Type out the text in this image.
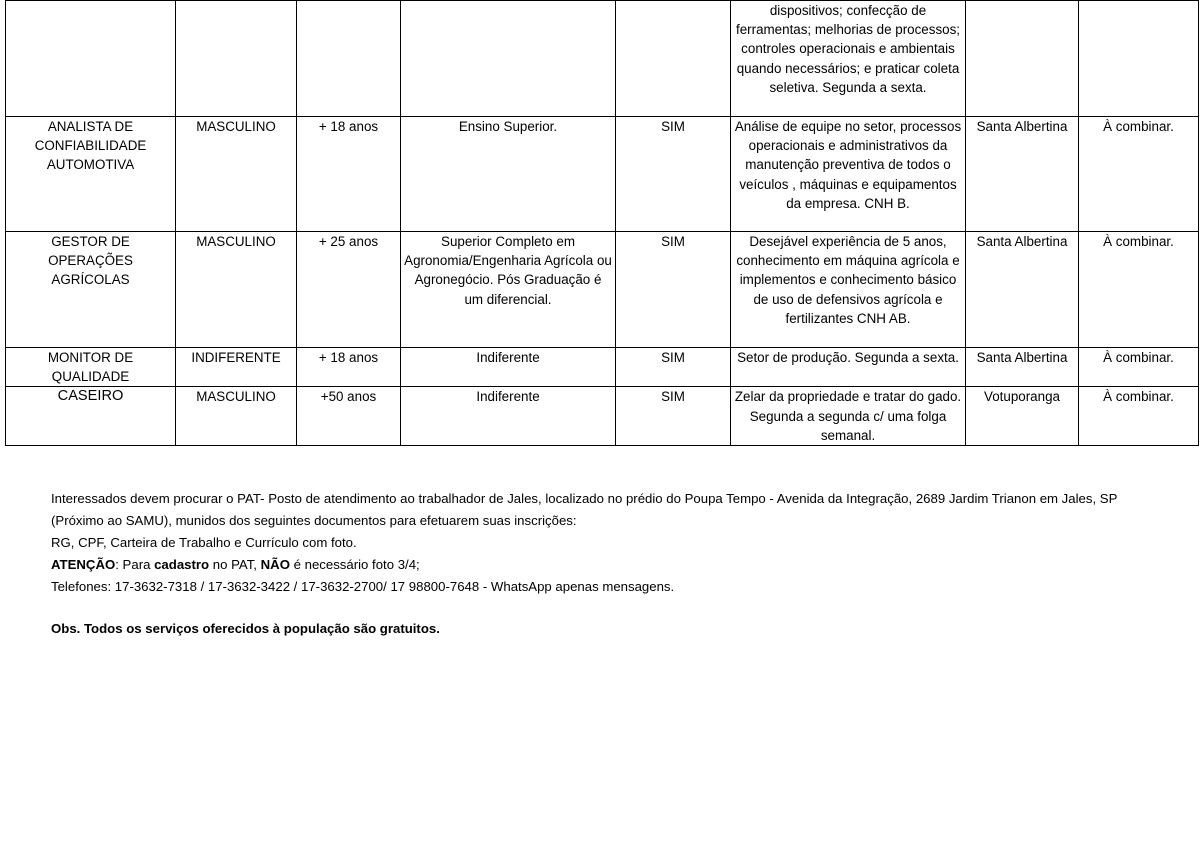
					dispositivos; confecção de ferramentas; melhorias de processos; controles operacionais e ambientais quando necessários; e praticar coleta seletiva. Segunda a sexta.		
ANALISTA DE CONFIABILIDADE AUTOMOTIVA	MASCULINO	+ 18 anos	Ensino Superior.	SIM	Análise de equipe no setor, processos operacionais e administrativos da manutenção preventiva de todos o veículos , máquinas e equipamentos da empresa. CNH B.	Santa Albertina	À combinar.
GESTOR DE OPERAÇÕES AGRÍCOLAS	MASCULINO	+ 25 anos	Superior Completo em Agronomia/Engenharia Agrícola ou Agronegócio. Pós Graduação é um diferencial.	SIM	Desejável experiência de 5 anos, conhecimento em máquina agrícola e implementos e conhecimento básico de uso de defensivos agrícola e fertilizantes CNH AB.	Santa Albertina	À combinar.
MONITOR DE QUALIDADE	INDIFERENTE	+ 18 anos	Indiferente	SIM	Setor de produção. Segunda a sexta.	Santa Albertina	À combinar.
CASEIRO	MASCULINO	+50 anos	Indiferente	SIM	Zelar da propriedade e tratar do gado. Segunda a segunda c/ uma folga semanal.	Votuporanga	À combinar.

Interessados devem procurar o PAT- Posto de atendimento ao trabalhador de Jales, localizado no prédio do Poupa Tempo - Avenida da Integração, 2689 Jardim Trianon em Jales, SP (Próximo ao SAMU), munidos dos seguintes documentos para efetuarem suas inscrições:

RG, CPF, Carteira de Trabalho e Currículo com foto.

ATENÇÃO: Para cadastro no PAT, NÃO é necessário foto 3/4;

Telefones: 17-3632-7318 / 17-3632-3422 / 17-3632-2700/ 17 98800-7648 - WhatsApp apenas mensagens.

Obs. Todos os serviços oferecidos à população são gratuitos.
